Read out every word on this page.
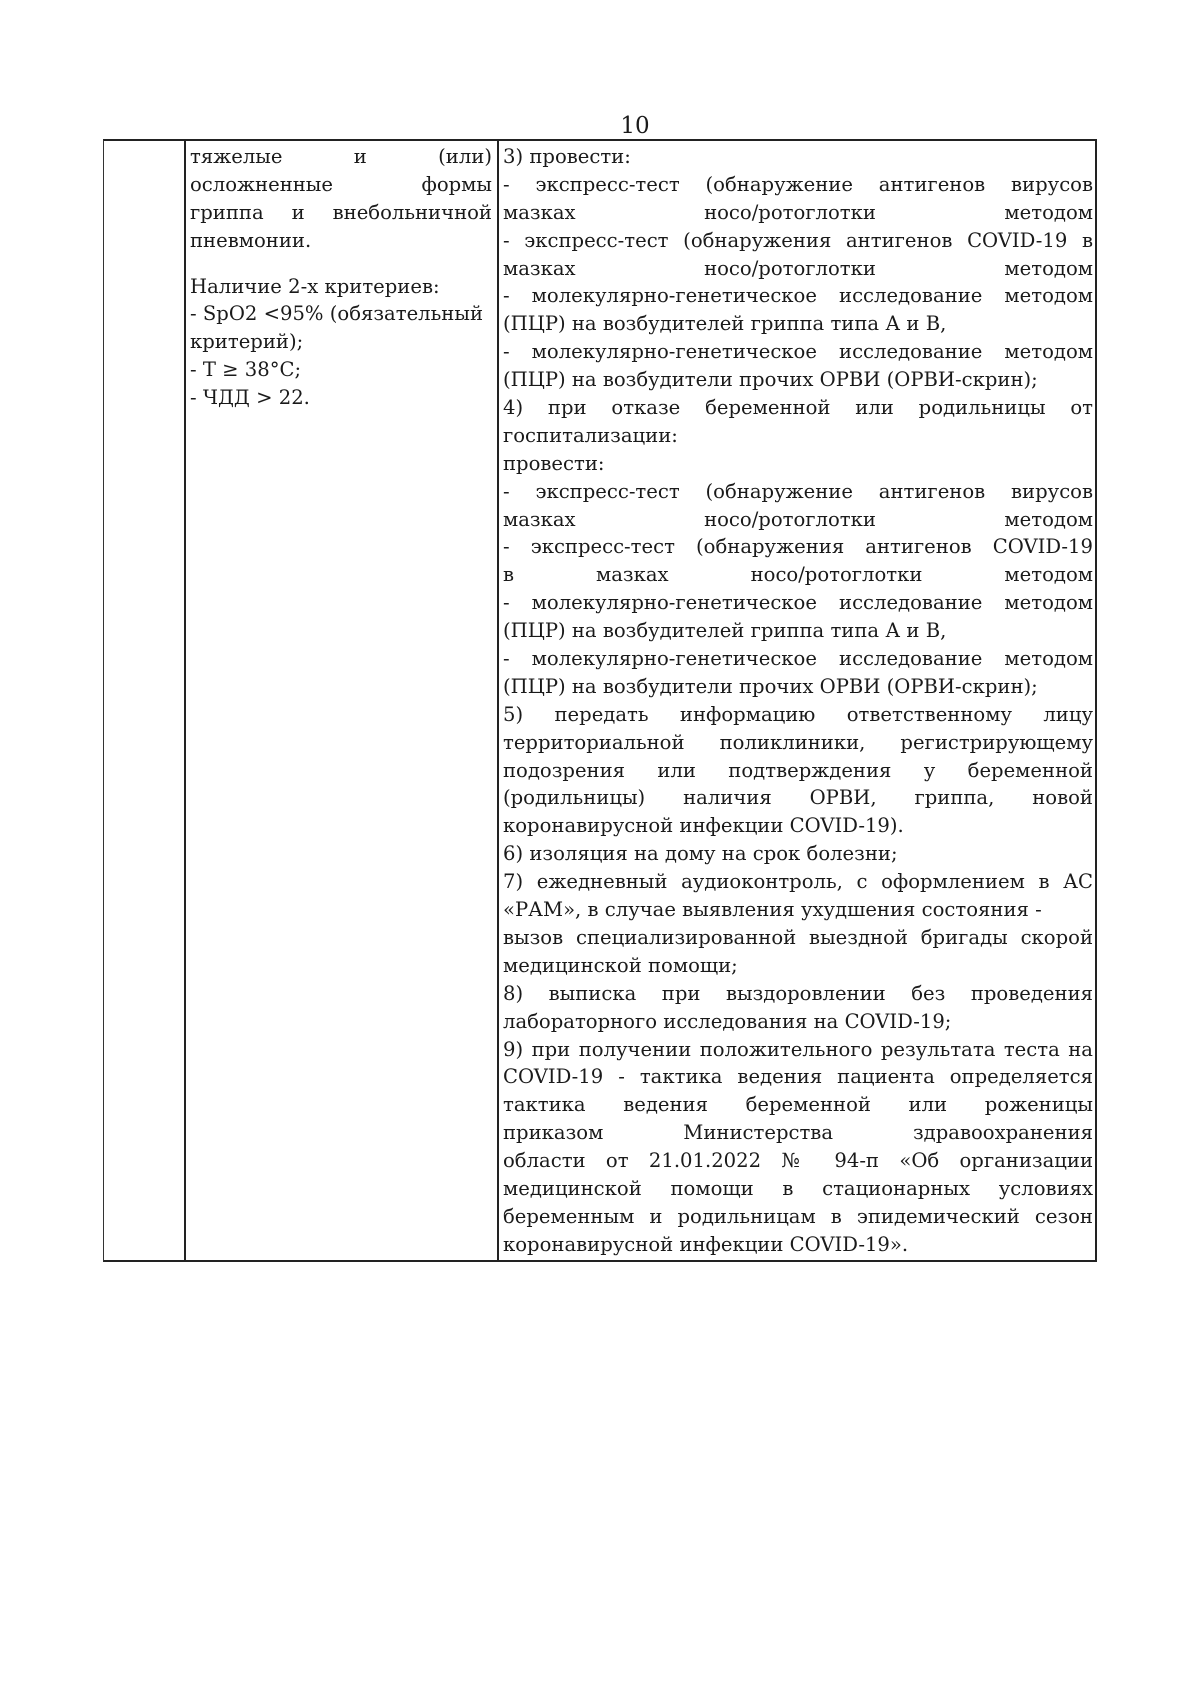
10
тяжелые и (или)
осложненные формы
гриппа и внебольничной
пневмонии.
Наличие 2-х критериев:
- SpO2 <95% (обязательный
критерий);
- Т ≥ 38°С;
- ЧДД > 22.
3) провести:
- экспресс-тест (обнаружение антигенов вирусов
мазках носо/ротоглотки методом
- экспресс-тест (обнаружения антигенов COVID-19 в
мазках носо/ротоглотки методом
- молекулярно-генетическое исследование методом
(ПЦР) на возбудителей гриппа типа А и В,
- молекулярно-генетическое исследование методом
(ПЦР) на возбудители прочих ОРВИ (ОРВИ-скрин);
4) при отказе беременной или родильницы от
госпитализации:
провести:
- экспресс-тест (обнаружение антигенов вирусов
мазках носо/ротоглотки методом
- экспресс-тест (обнаружения антигенов COVID-19
в мазках носо/ротоглотки методом
- молекулярно-генетическое исследование методом
(ПЦР) на возбудителей гриппа типа А и В,
- молекулярно-генетическое исследование методом
(ПЦР) на возбудители прочих ОРВИ (ОРВИ-скрин);
5) передать информацию ответственному лицу
территориальной поликлиники, регистрирующему
подозрения или подтверждения у беременной
(родильницы) наличия ОРВИ, гриппа, новой
коронавирусной инфекции COVID-19).
6) изоляция на дому на срок болезни;
7) ежедневный аудиоконтроль, с оформлением в АС
«РАМ», в случае выявления ухудшения состояния -
вызов специализированной выездной бригады скорой
медицинской помощи;
8) выписка при выздоровлении без проведения
лабораторного исследования на COVID-19;
9) при получении положительного результата теста на
COVID-19 - тактика ведения пациента определяется
тактика ведения беременной или роженицы
приказом Министерства здравоохранения
области от 21.01.2022 № 94-п «Об организации
медицинской помощи в стационарных условиях
беременным и родильницам в эпидемический сезон
коронавирусной инфекции COVID-19».
